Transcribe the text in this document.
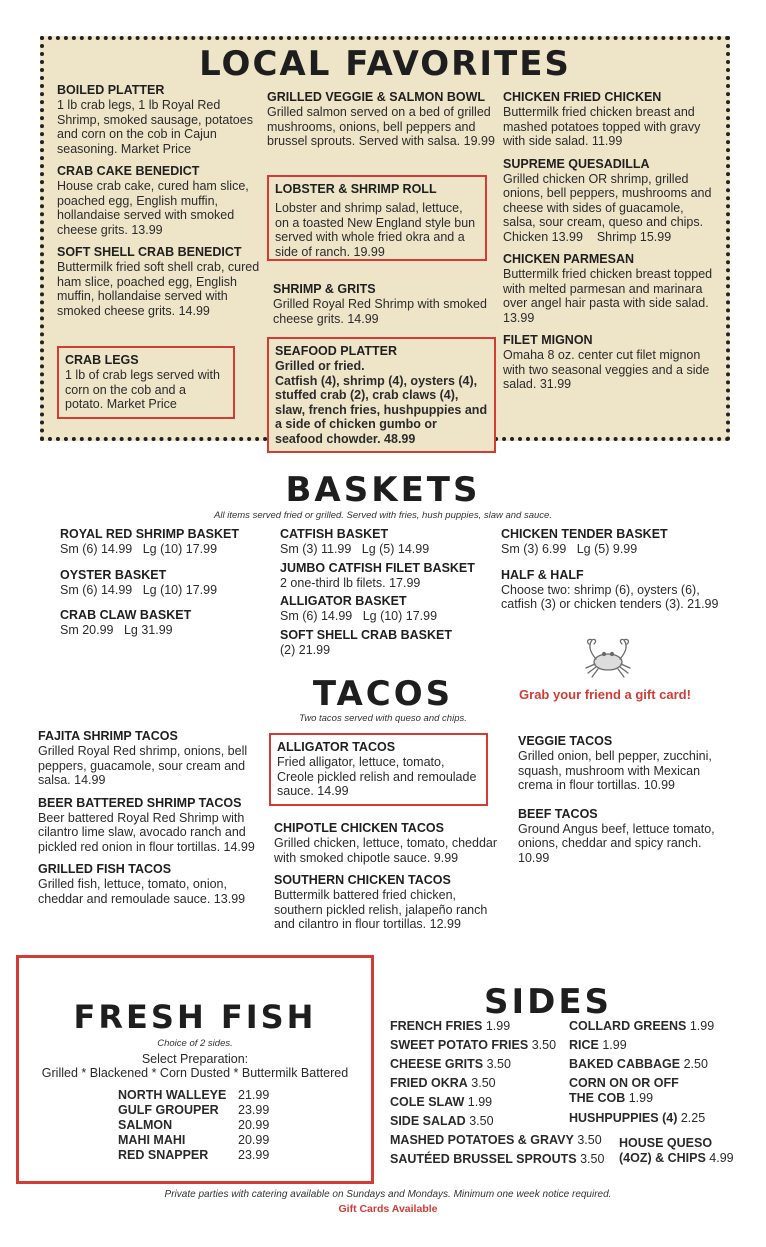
LOCAL FAVORITES
BOILED PLATTER
1 lb crab legs, 1 lb Royal Red Shrimp, smoked sausage, potatoes and corn on the cob in Cajun seasoning. Market Price
CRAB CAKE BENEDICT
House crab cake, cured ham slice, poached egg, English muffin, hollandaise served with smoked cheese grits. 13.99
SOFT SHELL CRAB BENEDICT
Buttermilk fried soft shell crab, cured ham slice, poached egg, English muffin, hollandaise served with smoked cheese grits. 14.99
CRAB LEGS
1 lb of crab legs served with corn on the cob and a potato. Market Price
GRILLED VEGGIE & SALMON BOWL
Grilled salmon served on a bed of grilled mushrooms, onions, bell peppers and brussel sprouts. Served with salsa. 19.99
LOBSTER & SHRIMP ROLL
Lobster and shrimp salad, lettuce, on a toasted New England style bun served with whole fried okra and a side of ranch. 19.99
SHRIMP & GRITS
Grilled Royal Red Shrimp with smoked cheese grits. 14.99
SEAFOOD PLATTER
Grilled or fried.
Catfish (4), shrimp (4), oysters (4), stuffed crab (2), crab claws (4), slaw, french fries, hushpuppies and a side of chicken gumbo or seafood chowder. 48.99
CHICKEN FRIED CHICKEN
Buttermilk fried chicken breast and mashed potatoes topped with gravy with side salad. 11.99
SUPREME QUESADILLA
Grilled chicken OR shrimp, grilled onions, bell peppers, mushrooms and cheese with sides of guacamole, salsa, sour cream, queso and chips.
Chicken 13.99 Shrimp 15.99
CHICKEN PARMESAN
Buttermilk fried chicken breast topped with melted parmesan and marinara over angel hair pasta with side salad. 13.99
FILET MIGNON
Omaha 8 oz. center cut filet mignon with two seasonal veggies and a side salad. 31.99
BASKETS
All items served fried or grilled. Served with fries, hush puppies, slaw and sauce.
ROYAL RED SHRIMP BASKET
Sm (6) 14.99 Lg (10) 17.99
OYSTER BASKET
Sm (6) 14.99 Lg (10) 17.99
CRAB CLAW BASKET
Sm 20.99 Lg 31.99
CATFISH BASKET
Sm (3) 11.99 Lg (5) 14.99
JUMBO CATFISH FILET BASKET
2 one-third lb filets. 17.99
ALLIGATOR BASKET
Sm (6) 14.99 Lg (10) 17.99
SOFT SHELL CRAB BASKET
(2) 21.99
CHICKEN TENDER BASKET
Sm (3) 6.99 Lg (5) 9.99
HALF & HALF
Choose two: shrimp (6), oysters (6), catfish (3) or chicken tenders (3). 21.99
Grab your friend a gift card!
TACOS
Two tacos served with queso and chips.
FAJITA SHRIMP TACOS
Grilled Royal Red shrimp, onions, bell peppers, guacamole, sour cream and salsa. 14.99
BEER BATTERED SHRIMP TACOS
Beer battered Royal Red Shrimp with cilantro lime slaw, avocado ranch and pickled red onion in flour tortillas. 14.99
GRILLED FISH TACOS
Grilled fish, lettuce, tomato, onion, cheddar and remoulade sauce. 13.99
ALLIGATOR TACOS
Fried alligator, lettuce, tomato, Creole pickled relish and remoulade sauce. 14.99
CHIPOTLE CHICKEN TACOS
Grilled chicken, lettuce, tomato, cheddar with smoked chipotle sauce. 9.99
SOUTHERN CHICKEN TACOS
Buttermilk battered fried chicken, southern pickled relish, jalapeño ranch and cilantro in flour tortillas. 12.99
VEGGIE TACOS
Grilled onion, bell pepper, zucchini, squash, mushroom with Mexican crema in flour tortillas. 10.99
BEEF TACOS
Ground Angus beef, lettuce tomato, onions, cheddar and spicy ranch. 10.99
FRESH FISH
Choice of 2 sides.
Select Preparation:
Grilled * Blackened * Corn Dusted * Buttermilk Battered
NORTH WALLEYE 21.99
GULF GROUPER 23.99
SALMON	20.99
MAHI MAHI	20.99
RED SNAPPER 23.99
SIDES
FRENCH FRIES 1.99
SWEET POTATO FRIES 3.50
CHEESE GRITS 3.50
FRIED OKRA 3.50
COLE SLAW 1.99
SIDE SALAD 3.50
MASHED POTATOES & GRAVY 3.50
SAUTÉED BRUSSEL SPROUTS 3.50
COLLARD GREENS 1.99
RICE 1.99
BAKED CABBAGE 2.50
CORN ON OR OFF
THE COB 1.99
HUSHPUPPIES (4) 2.25
HOUSE QUESO
(4OZ) & CHIPS 4.99
Private parties with catering available on Sundays and Mondays. Minimum one week notice required.
Gift Cards Available
